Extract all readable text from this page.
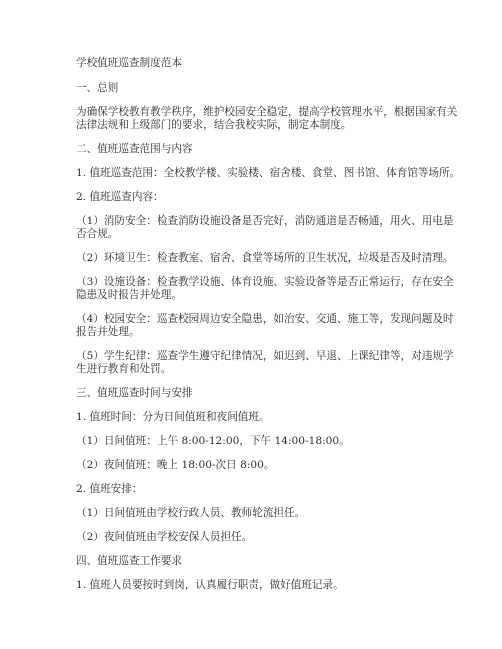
学校值班巡查制度范本
一、总则
为确保学校教育教学秩序，维护校园安全稳定，提高学校管理水平，根据国家有关
法律法规和上级部门的要求，结合我校实际，制定本制度。
二、值班巡查范围与内容
1. 值班巡查范围：全校教学楼、实验楼、宿舍楼、食堂、图书馆、体育馆等场所。
2. 值班巡查内容：
（1）消防安全：检查消防设施设备是否完好，消防通道是否畅通，用火、用电是
否合规。
（2）环境卫生：检查教室、宿舍、食堂等场所的卫生状况，垃圾是否及时清理。
（3）设施设备：检查教学设施、体育设施、实验设备等是否正常运行，存在安全
隐患及时报告并处理。
（4）校园安全：巡查校园周边安全隐患，如治安、交通、施工等，发现问题及时
报告并处理。
（5）学生纪律：巡查学生遵守纪律情况，如迟到、早退、上课纪律等，对违规学
生进行教育和处罚。
三、值班巡查时间与安排
1. 值班时间：分为日间值班和夜间值班。
（1）日间值班：上午 8:00-12:00，下午 14:00-18:00。
（2）夜间值班：晚上 18:00-次日 8:00。
2. 值班安排：
（1）日间值班由学校行政人员、教师轮流担任。
（2）夜间值班由学校安保人员担任。
四、值班巡查工作要求
1. 值班人员要按时到岗，认真履行职责，做好值班记录。
